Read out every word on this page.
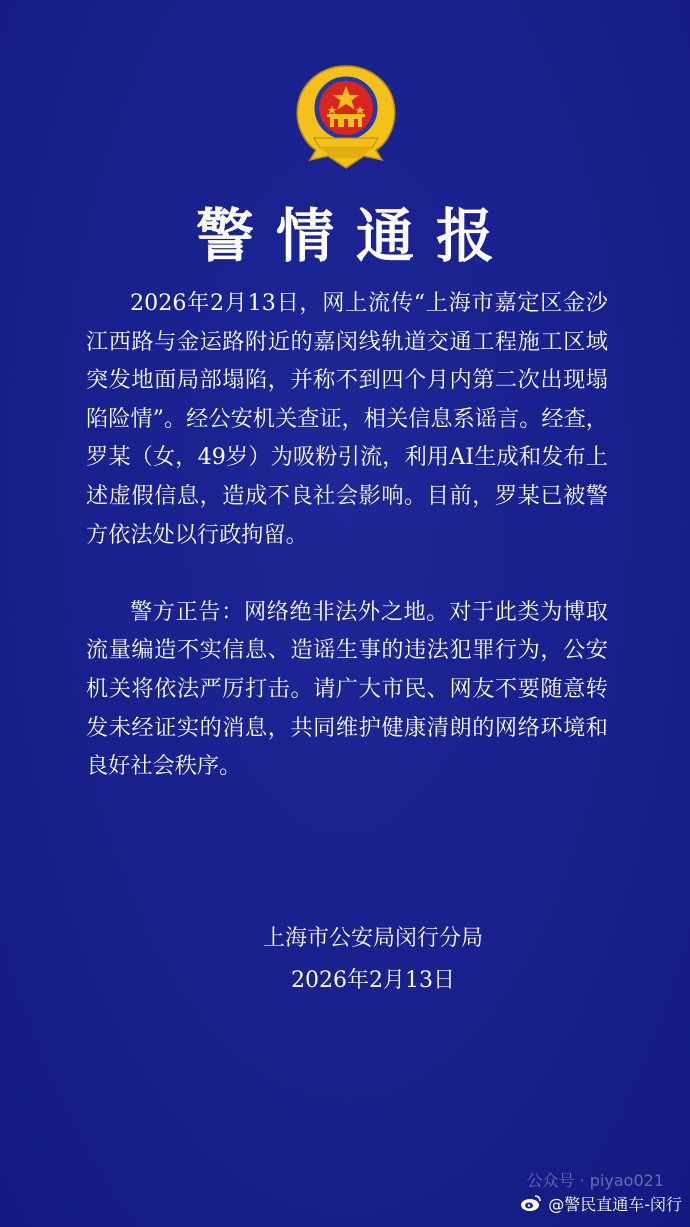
警情通报

2026年2月13日，网上流传“上海市嘉定区金沙江西路与金运路附近的嘉闵线轨道交通工程施工区域突发地面局部塌陷，并称不到四个月内第二次出现塌陷险情”。经公安机关查证，相关信息系谣言。经查，罗某（女，49岁）为吸粉引流，利用AI生成和发布上述虚假信息，造成不良社会影响。目前，罗某已被警方依法处以行政拘留。

警方正告：网络绝非法外之地。对于此类为博取流量编造不实信息、造谣生事的违法犯罪行为，公安机关将依法严厉打击。请广大市民、网友不要随意转发未经证实的消息，共同维护健康清朗的网络环境和良好社会秩序。

上海市公安局闵行分局
2026年2月13日
公众号 · piyao021
@警民直通车-闵行
